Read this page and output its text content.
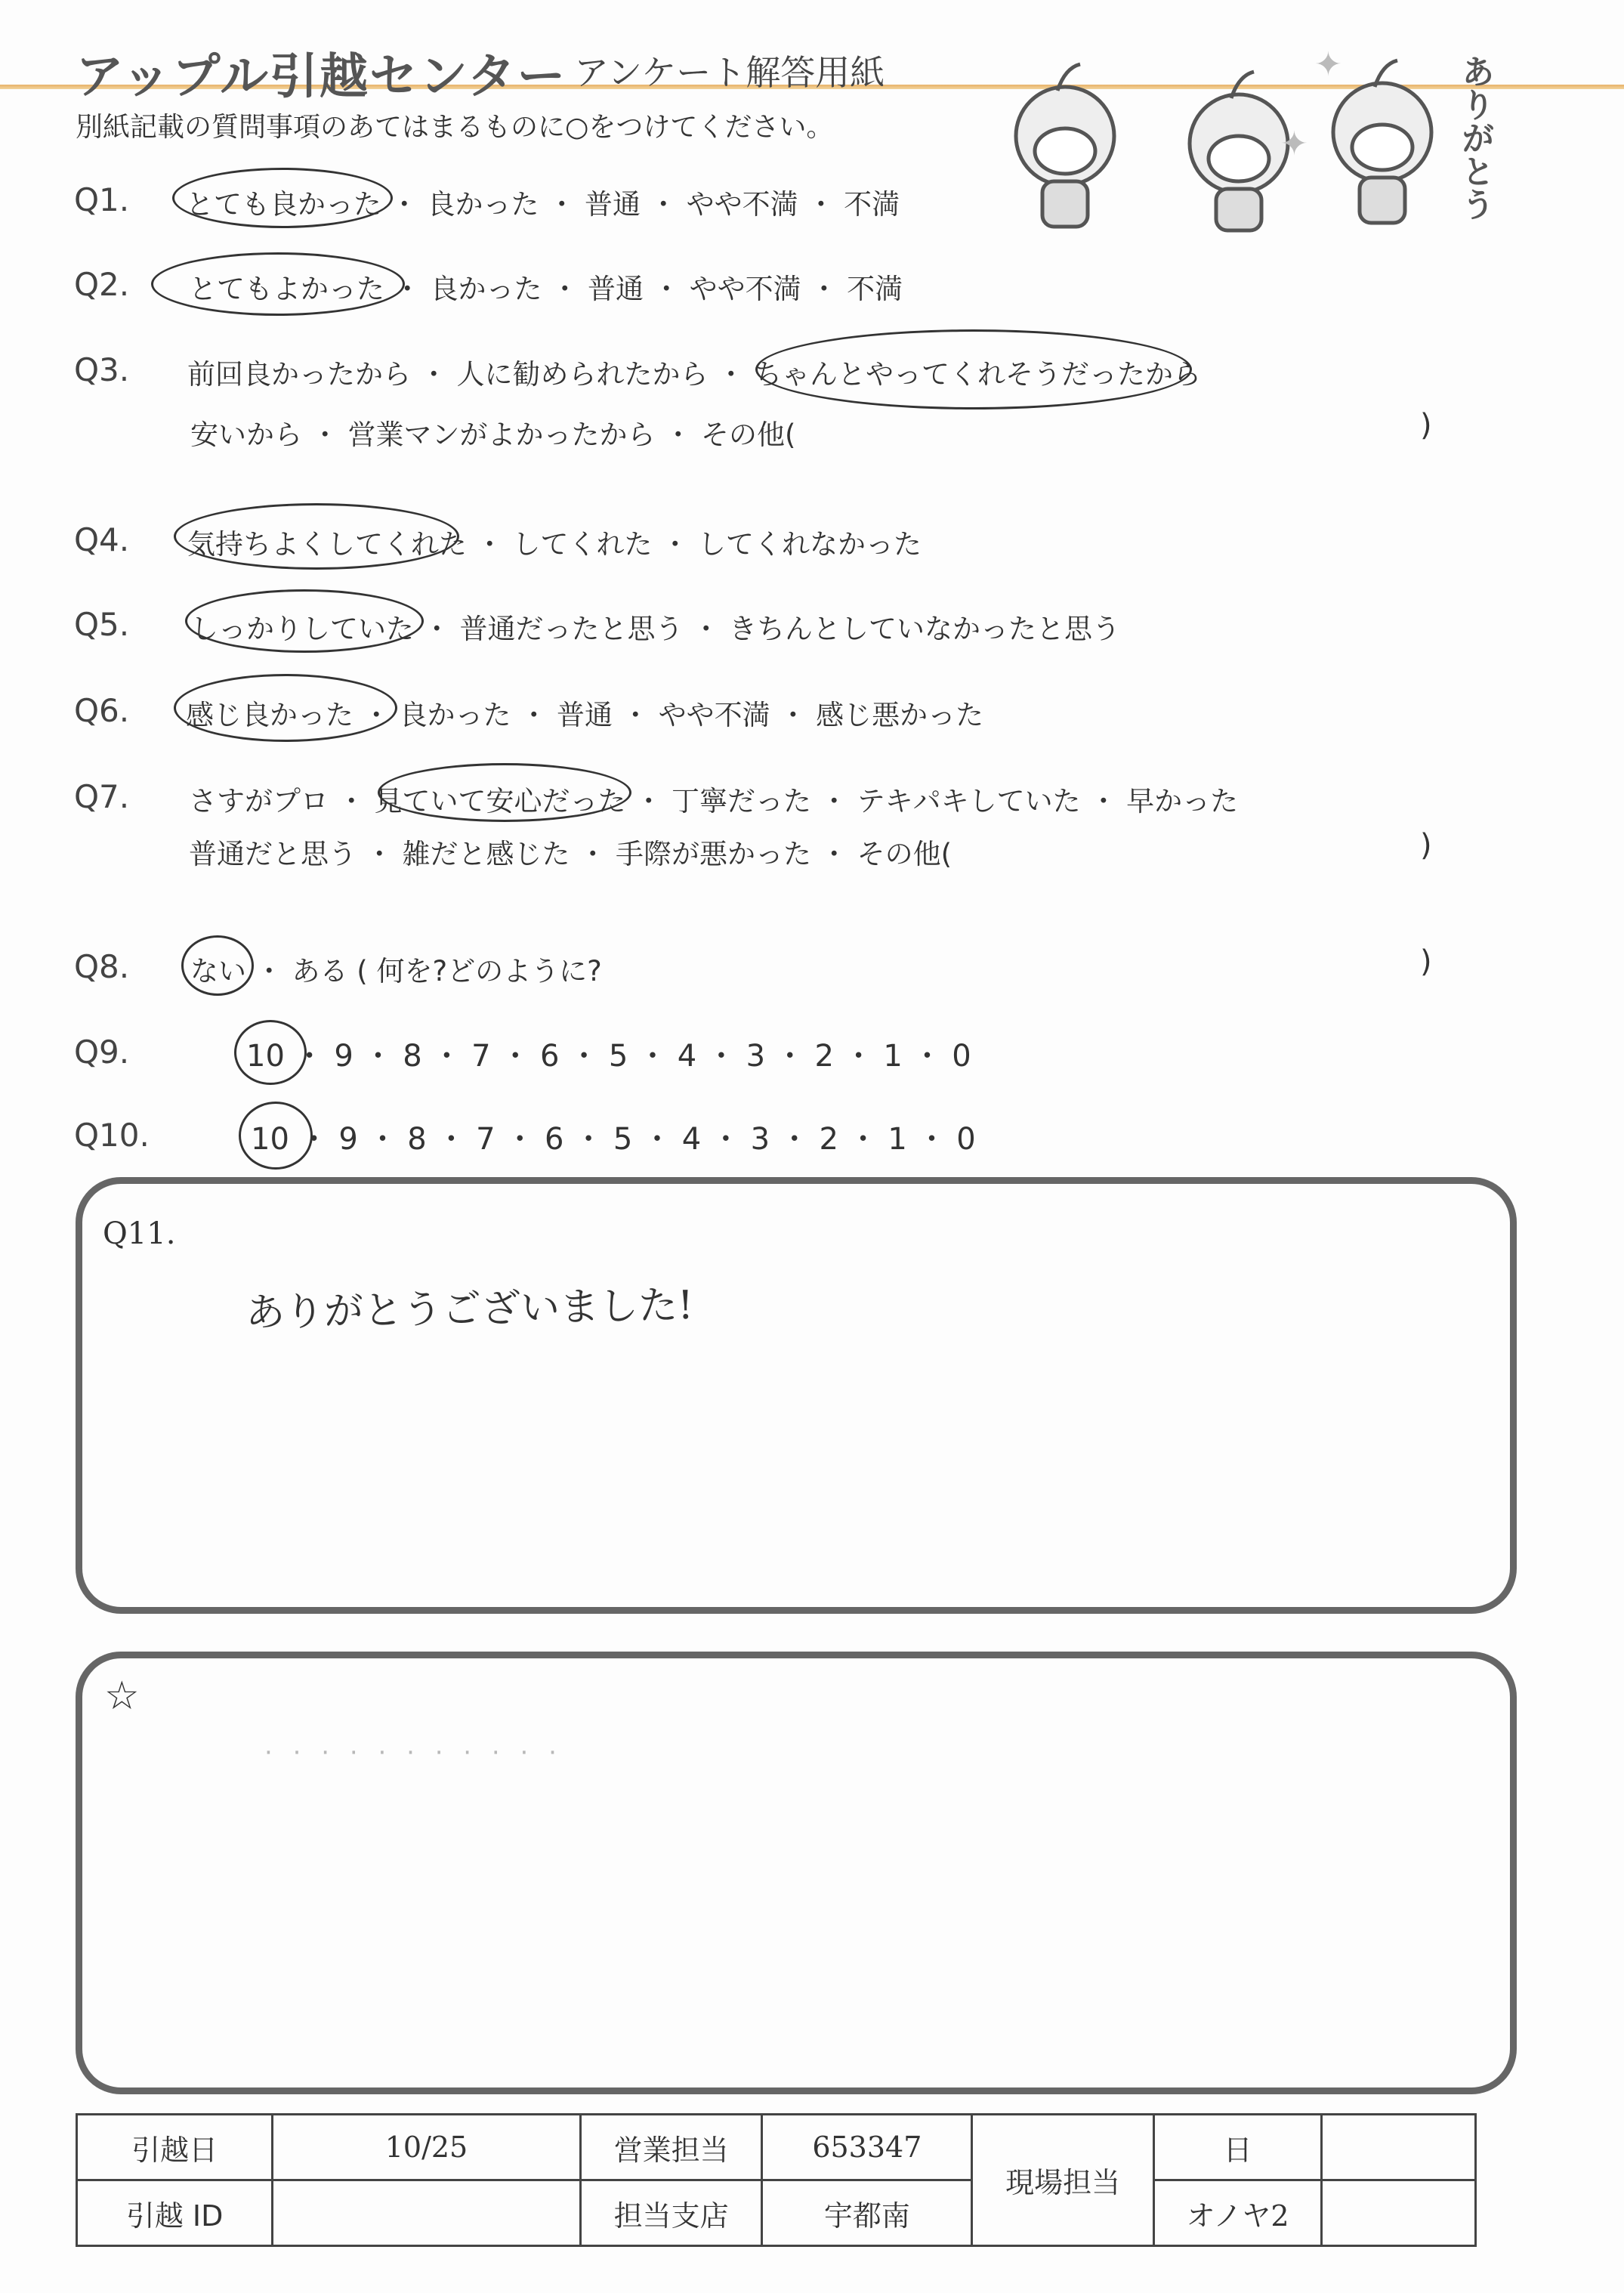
アップル引越センター アンケート解答用紙
別紙記載の質問事項のあてはまるものに○をつけてください。	ありがとう
✦
✦
Q1. とても良かった ・ 良かった ・ 普通 ・ やや不満 ・ 不満
Q2. とてもよかった ・ 良かった ・ 普通 ・ やや不満 ・ 不満
Q3. 前回良かったから ・ 人に勧められたから ・ ちゃんとやってくれそうだったから
安いから ・ 営業マンがよかったから ・ その他(	)
Q4. 気持ちよくしてくれた ・ してくれた ・ してくれなかった
Q5. しっかりしていた ・ 普通だったと思う ・ きちんとしていなかったと思う
Q6. 感じ良かった ・ 良かった ・ 普通 ・ やや不満 ・ 感じ悪かった
Q7. さすがプロ ・ 見ていて安心だった ・ 丁寧だった ・ テキパキしていた ・ 早かった
普通だと思う ・ 雑だと感じた ・ 手際が悪かった ・ その他(	)
Q8. ない ・ ある ( 何を?どのように?	)
Q9.	10 ・ 9 ・ 8 ・ 7 ・ 6 ・ 5 ・ 4 ・ 3 ・ 2 ・ 1 ・ 0
Q10.	10 ・ 9 ・ 8 ・ 7 ・ 6 ・ 5 ・ 4 ・ 3 ・ 2 ・ 1 ・ 0
Q11.
ありがとうございました!
☆
· · · · · · · · · · ·
引越日	10/25	営業担当	653347	現場担当	日	
引越 ID		担当支店	宇都南		オノヤ2	
